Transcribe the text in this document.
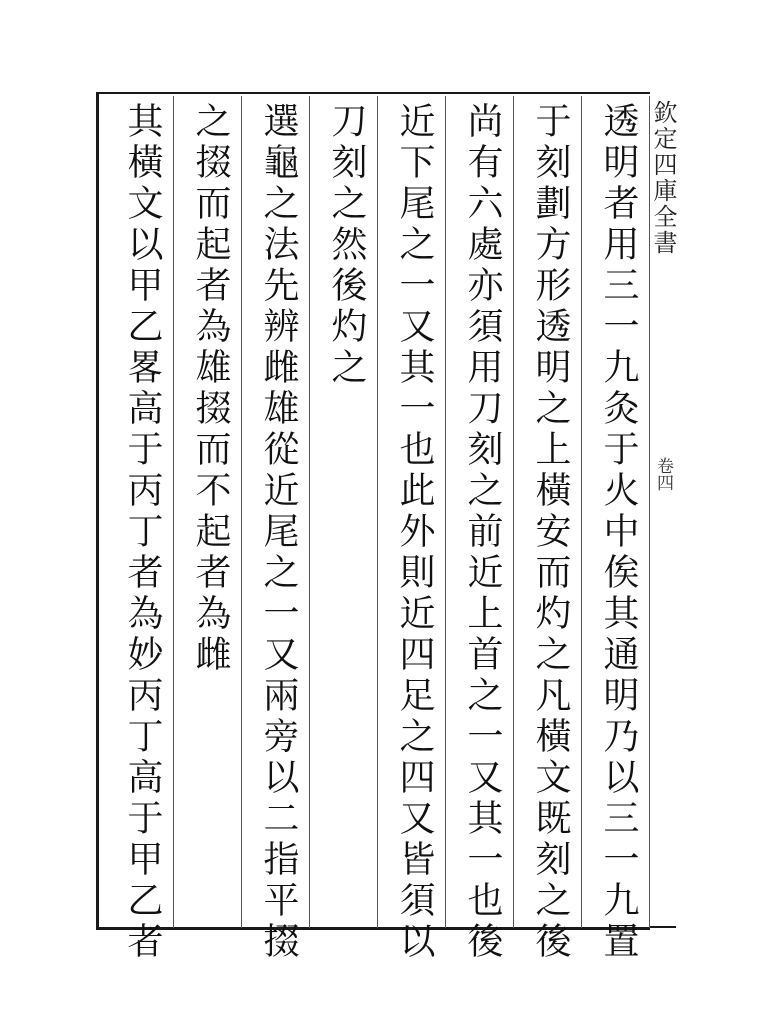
透明者用三一九灸于火中俟其通明乃以三一九置
于刻劃方形透明之上橫安而灼之凡橫文既刻之後
尚有六處亦須用刀刻之前近上首之一又其一也後
近下尾之一又其一也此外則近四足之四又皆須以
刀刻之然後灼之
選龜之法先辨雌雄從近尾之一又兩旁以二指平掇
之掇而起者為雄掇而不起者為雌
其橫文以甲乙畧高于丙丁者為妙丙丁高于甲乙者	欽定四庫全書
卷四
